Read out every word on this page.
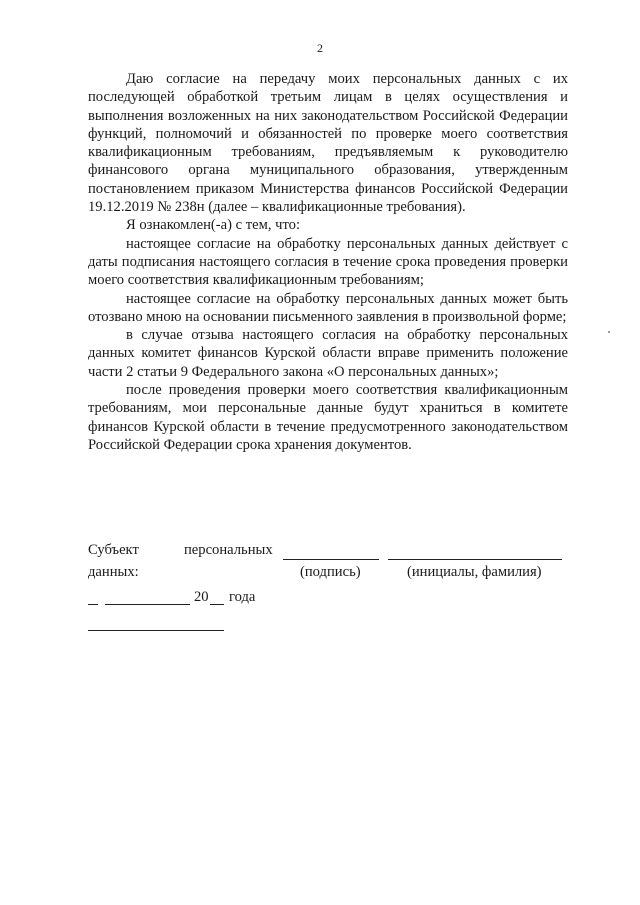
2

Даю согласие на передачу моих персональных данных с их последующей обработкой третьим лицам в целях осуществления и выполнения возложенных на них законодательством Российской Федерации функций, полномочий и обязанностей по проверке моего соответствия квалификационным требованиям, предъявляемым к руководителю финансового органа муниципального образования, утвержденным постановлением приказом Министерства финансов Российской Федерации 19.12.2019 № 238н (далее – квалификационные требования).

Я ознакомлен(-а) с тем, что:

настоящее согласие на обработку персональных данных действует с даты подписания настоящего согласия в течение срока проведения проверки моего соответствия квалификационным требованиям;

настоящее согласие на обработку персональных данных может быть отозвано мною на основании письменного заявления в произвольной форме;

в случае отзыва настоящего согласия на обработку персональных данных комитет финансов Курской области вправе применить положение части 2 статьи 9 Федерального закона «О персональных данных»;

после проведения проверки моего соответствия квалификационным требованиям, мои персональные данные будут храниться в комитете финансов Курской области в течение предусмотренного законодательством Российской Федерации срока хранения документов.

Субъект	персональных
данных:	(подпись)	(инициалы, фамилия)
20 года
